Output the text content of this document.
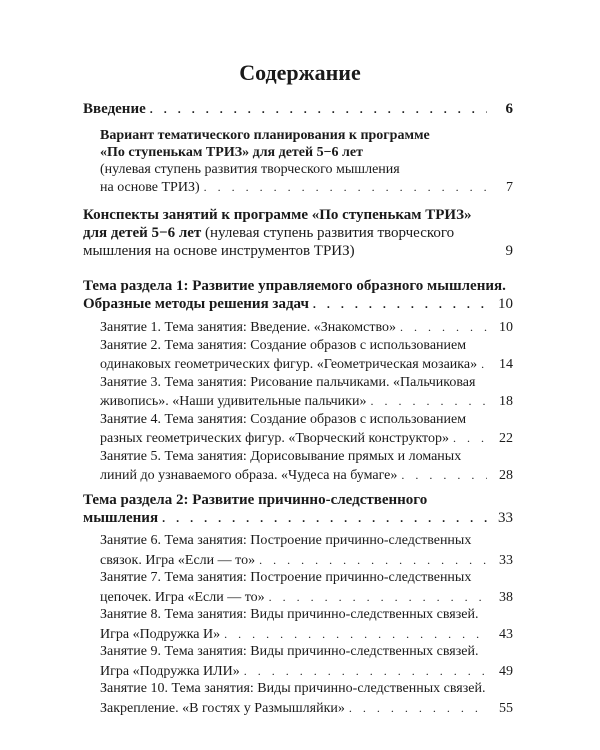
Содержание
Введение . . .	6
Вариант тематического планирования к программе
«По ступенькам ТРИЗ» для детей 5−6 лет
(нулевая ступень развития творческого мышления
на основе ТРИЗ) . . .	7
Конспекты занятий к программе «По ступенькам ТРИЗ»
для детей 5−6 лет (нулевая ступень развития творческого
мышления на основе инструментов ТРИЗ)	9
Тема раздела 1: Развитие управляемого образного мышления.
Образные методы решения задач . . .	10
Занятие 1. Тема занятия: Введение. «Знакомство» . . .	10
Занятие 2. Тема занятия: Создание образов с использованием
одинаковых геометрических фигур. «Геометрическая мозаика» . . .	14
Занятие 3. Тема занятия: Рисование пальчиками. «Пальчиковая
живопись». «Наши удивительные пальчики» . . .	18
Занятие 4. Тема занятия: Создание образов с использованием
разных геометрических фигур. «Творческий конструктор» . . .	22
Занятие 5. Тема занятия: Дорисовывание прямых и ломаных
линий до узнаваемого образа. «Чудеса на бумаге» . . .	28
Тема раздела 2: Развитие причинно-следственного
мышления . . .	33
Занятие 6. Тема занятия: Построение причинно-следственных
связок. Игра «Если — то» . . .	33
Занятие 7. Тема занятия: Построение причинно-следственных
цепочек. Игра «Если — то» . . .	38
Занятие 8. Тема занятия: Виды причинно-следственных связей.
Игра «Подружка И» . . .	43
Занятие 9. Тема занятия: Виды причинно-следственных связей.
Игра «Подружка ИЛИ» . . .	49
Занятие 10. Тема занятия: Виды причинно-следственных связей.
Закрепление. «В гостях у Размышляйки» . . .	55
